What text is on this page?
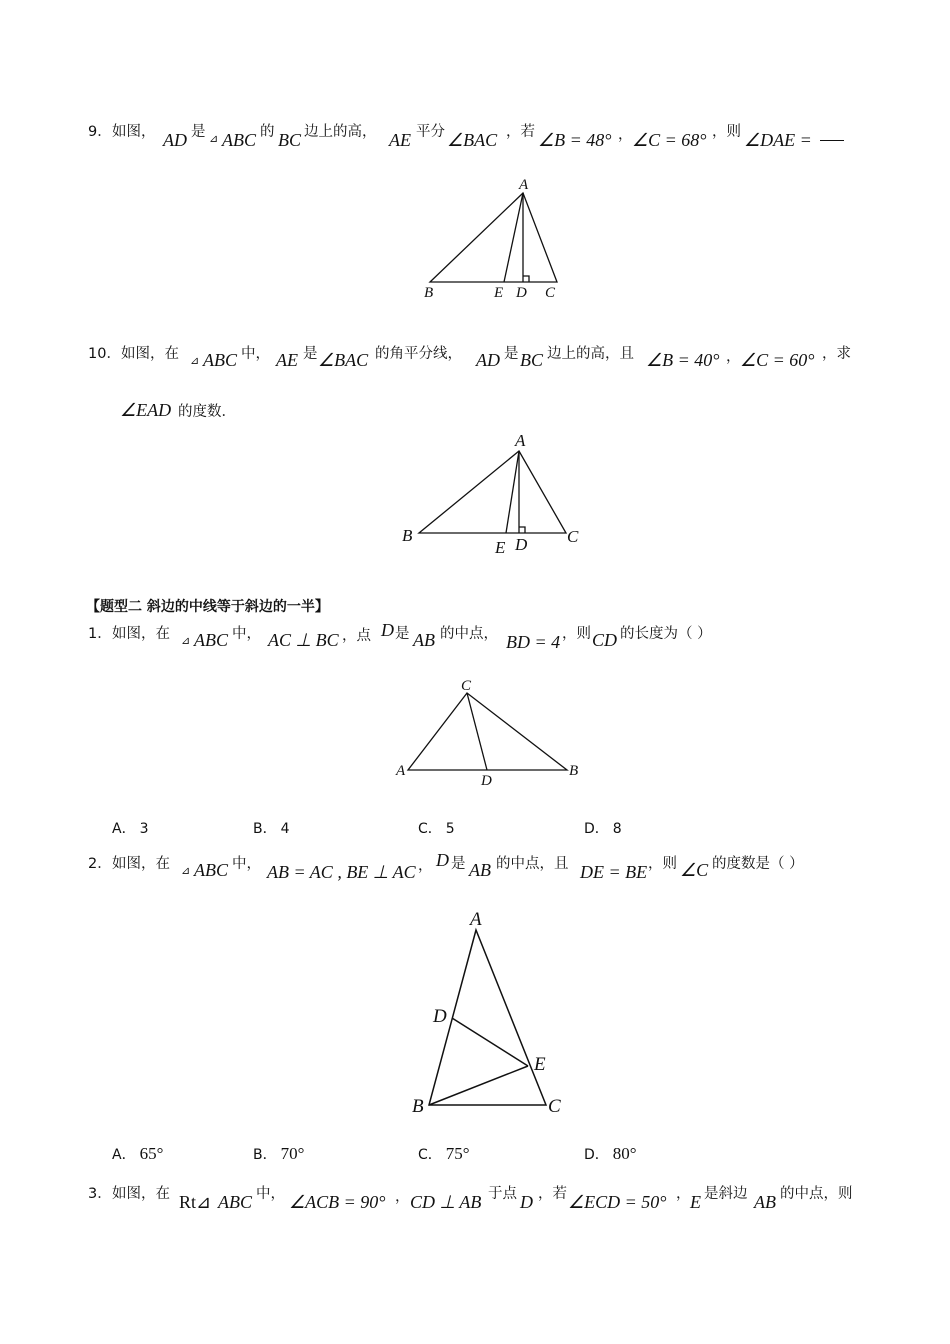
9． 如图， AD 是 ⊿ ABC 的 BC 边上的高， AE 平分 ∠BAC ，若 ∠B = 48° ， ∠C = 68° ，则 ∠DAE =
A
B	E D C
10． 如图，在 ⊿ ABC 中， AE 是 ∠BAC 的角平分线， AD 是 BC 边上的高，且 ∠B = 40° ， ∠C = 60° ，求
∠EAD 的度数．
A
B
E D C
【题型二 斜边的中线等于斜边的一半】
1． 如图，在 ⊿ ABC 中， AC ⊥ BC ，点 D 是 AB 的中点， BD = 4 ，则 CD 的长度为（ ）
C
A
D
B
A． 3	B． 4	C． 5	D． 8
2． 如图，在 ⊿ ABC 中， AB = AC , BE ⊥ AC ， D 是 AB 的中点，且 DE = BE ，则 ∠C 的度数是（ ）
A
D
E
B	C
A． 65°	B． 70°	C． 75°	D． 80°
3． 如图，在 Rt⊿ ABC 中， ∠ACB = 90° ， CD ⊥ AB 于点 D ，若 ∠ECD = 50° ， E 是斜边 AB 的中点，则
